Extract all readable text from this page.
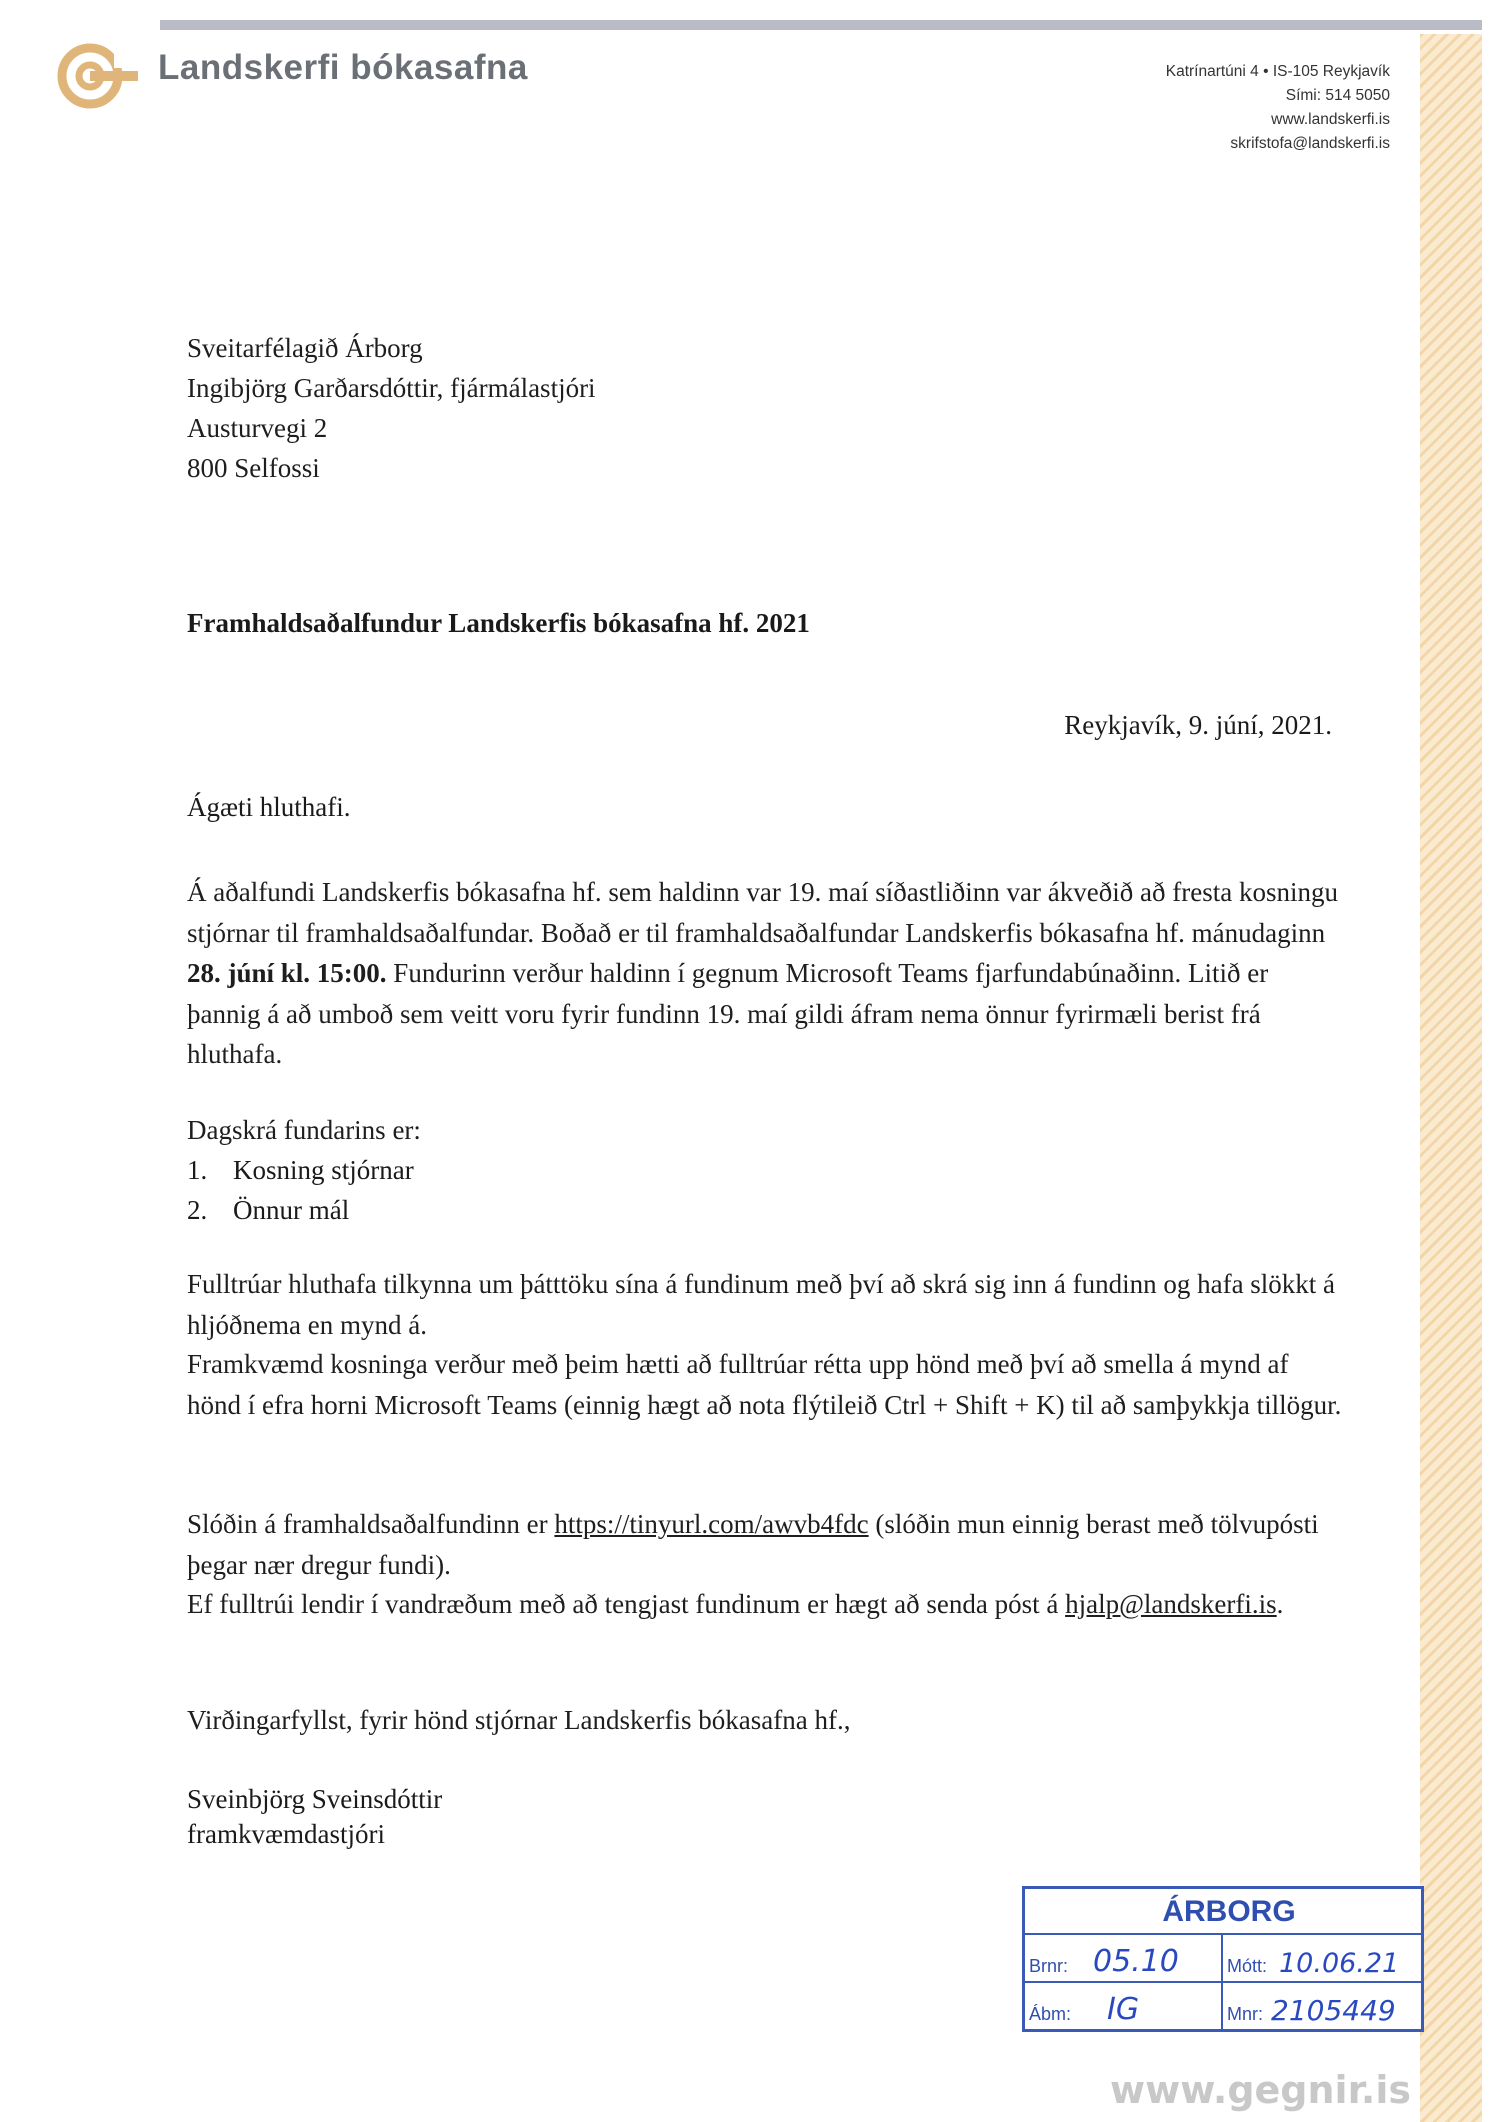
Landskerfi bókasafna	Katrínartúni 4 • IS-105 Reykjavík
Sími: 514 5050
www.landskerfi.is
skrifstofa@landskerfi.is
Sveitarfélagið Árborg
Ingibjörg Garðarsdóttir, fjármálastjóri
Austurvegi 2
800 Selfossi
Framhaldsaðalfundur Landskerfis bókasafna hf. 2021
Reykjavík, 9. júní, 2021.
Ágæti hluthafi.
Á aðalfundi Landskerfis bókasafna hf. sem haldinn var 19. maí síðastliðinn var ákveðið að fresta kosningu stjórnar til framhaldsaðalfundar. Boðað er til framhaldsaðalfundar Landskerfis bókasafna hf. mánudaginn 28. júní kl. 15:00. Fundurinn verður haldinn í gegnum Microsoft Teams fjarfundabúnaðinn. Litið er þannig á að umboð sem veitt voru fyrir fundinn 19. maí gildi áfram nema önnur fyrirmæli berist frá hluthafa.
Dagskrá fundarins er:
1. Kosning stjórnar
2. Önnur mál
Fulltrúar hluthafa tilkynna um þátttöku sína á fundinum með því að skrá sig inn á fundinn og hafa slökkt á hljóðnema en mynd á.
Framkvæmd kosninga verður með þeim hætti að fulltrúar rétta upp hönd með því að smella á mynd af hönd í efra horni Microsoft Teams (einnig hægt að nota flýtileið Ctrl + Shift + K) til að samþykkja tillögur.
Slóðin á framhaldsaðalfundinn er https://tinyurl.com/awvb4fdc (slóðin mun einnig berast með tölvupósti þegar nær dregur fundi).
Ef fulltrúi lendir í vandræðum með að tengjast fundinum er hægt að senda póst á hjalp@landskerfi.is.
Virðingarfyllst, fyrir hönd stjórnar Landskerfis bókasafna hf.,
Sveinbjörg Sveinsdóttir
framkvæmdastjóri
ÁRBORG
Brnr: 05.10	Mótt: 10.06.21
Ábm: IG	Mnr: 2105449
www.gegnir.is
